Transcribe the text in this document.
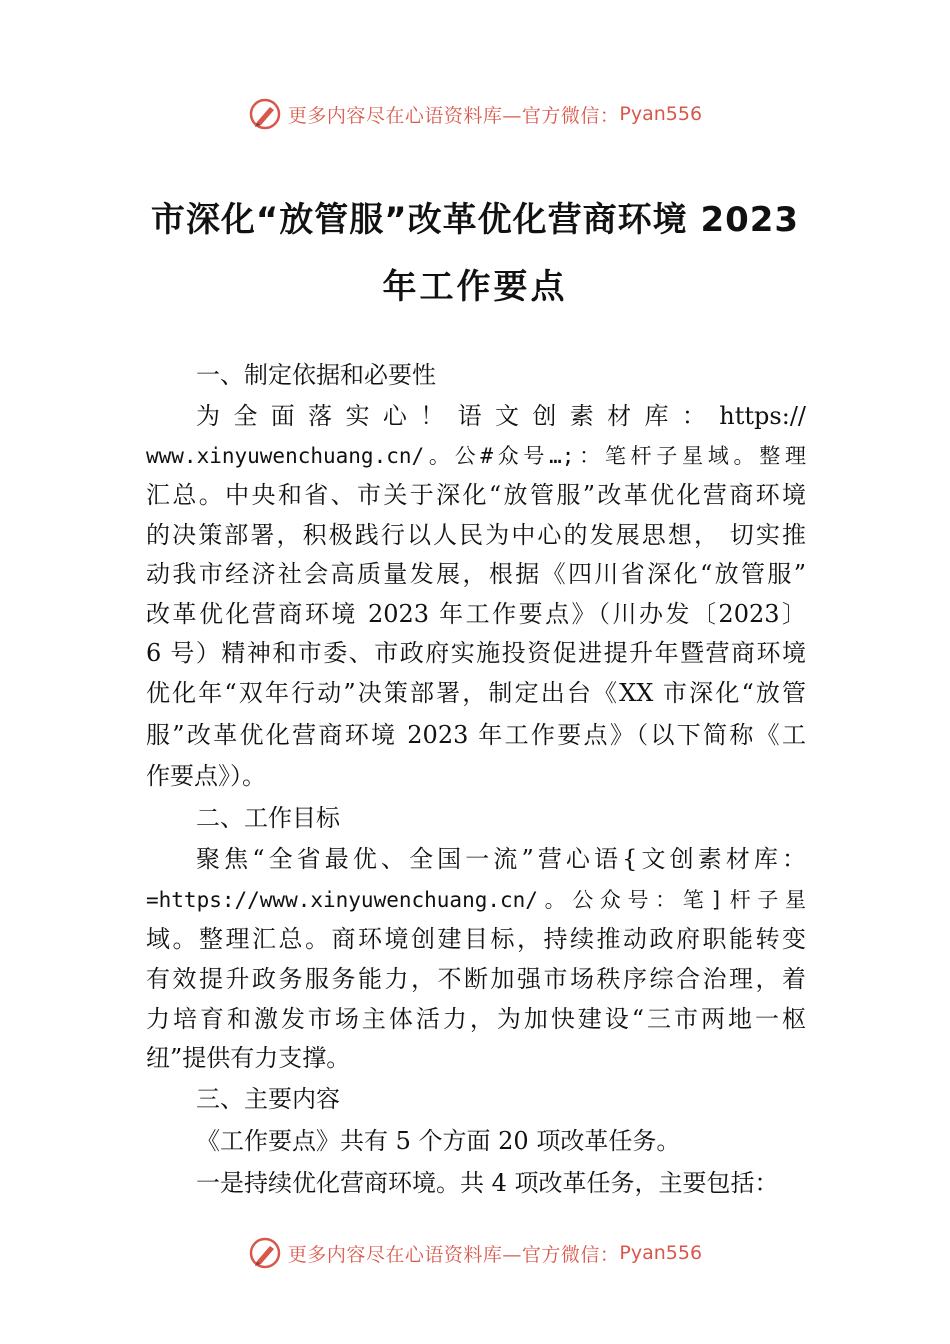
更多内容尽在心语资料库—官方微信： Pyan556
市深化“放管服”改革优化营商环境 2023
年工作要点
一、制定依据和必要性
为全面落实心！语文创素材库：https://
www.xinyuwenchuang.cn/。公#众号…;：笔杆子星域。整理
汇总。中央和省、市关于深化“放管服”改革优化营商环境
的决策部署，积极践行以人民为中心的发展思想， 切实推
动我市经济社会高质量发展，根据《四川省深化“放管服”
改革优化营商环境 2023 年工作要点》（川办发〔2023〕
6 号）精神和市委、市政府实施投资促进提升年暨营商环境
优化年“双年行动”决策部署，制定出台《XX 市深化“放管
服”改革优化营商环境 2023 年工作要点》（以下简称《工
作要点》）。
二、工作目标
聚焦“全省最优、全国一流”营心语{文创素材库：
=https://www.xinyuwenchuang.cn/。公众号：笔]杆子星
域。整理汇总。商环境创建目标，持续推动政府职能转变
有效提升政务服务能力，不断加强市场秩序综合治理，着
力培育和激发市场主体活力，为加快建设“三市两地一枢
纽”提供有力支撑。
三、主要内容
《工作要点》共有 5 个方面 20 项改革任务。
一是持续优化营商环境。共 4 项改革任务，主要包括：
更多内容尽在心语资料库—官方微信： Pyan556
